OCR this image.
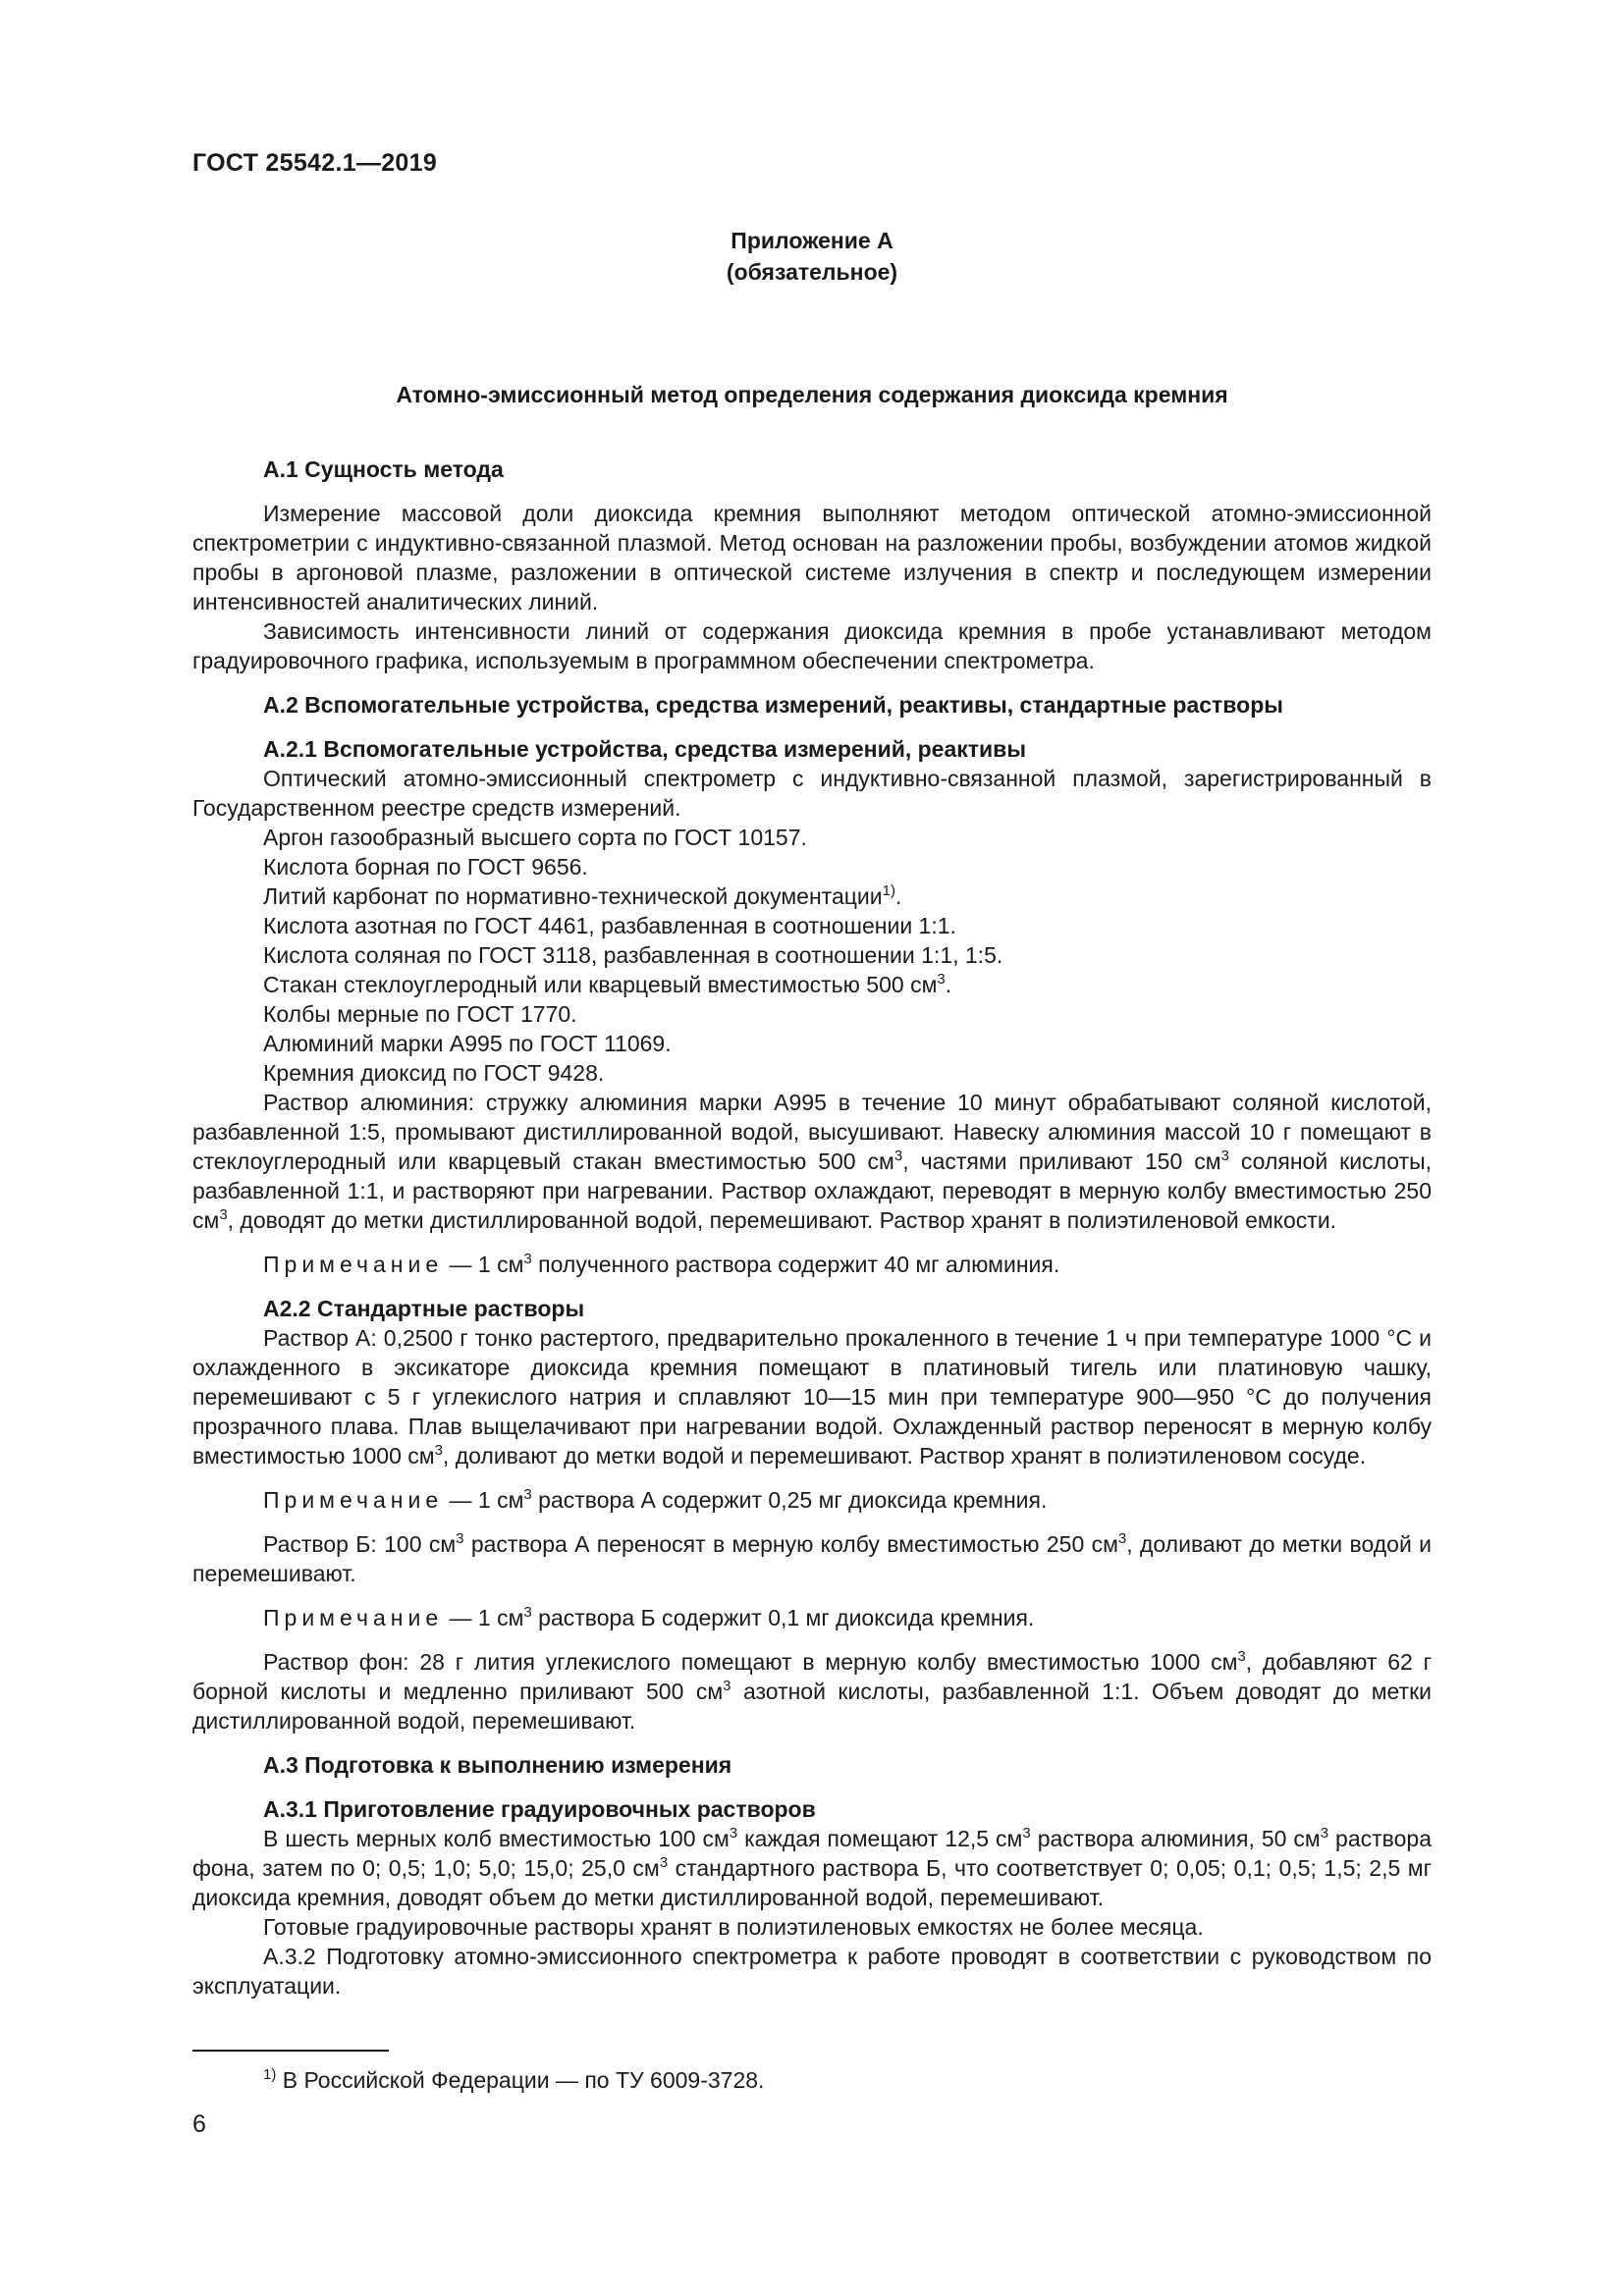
ГОСТ 25542.1—2019
Приложение А
(обязательное)
Атомно-эмиссионный метод определения содержания диоксида кремния

А.1 Сущность метода

Измерение массовой доли диоксида кремния выполняют методом оптической атомно-эмиссионной спектрометрии с индуктивно-связанной плазмой. Метод основан на разложении пробы, возбуждении атомов жидкой пробы в аргоновой плазме, разложении в оптической системе излучения в спектр и последующем измерении интенсивностей аналитических линий.

Зависимость интенсивности линий от содержания диоксида кремния в пробе устанавливают методом градуировочного графика, используемым в программном обеспечении спектрометра.

А.2 Вспомогательные устройства, средства измерений, реактивы, стандартные растворы

А.2.1 Вспомогательные устройства, средства измерений, реактивы

Оптический атомно-эмиссионный спектрометр с индуктивно-связанной плазмой, зарегистрированный в Государственном реестре средств измерений.

Аргон газообразный высшего сорта по ГОСТ 10157.

Кислота борная по ГОСТ 9656.

Литий карбонат по нормативно-технической документации$^{1)}$.

Кислота азотная по ГОСТ 4461, разбавленная в соотношении 1:1.

Кислота соляная по ГОСТ 3118, разбавленная в соотношении 1:1, 1:5.

Стакан стеклоуглеродный или кварцевый вместимостью 500 $см^3$.

Колбы мерные по ГОСТ 1770.

Алюминий марки А995 по ГОСТ 11069.

Кремния диоксид по ГОСТ 9428.

Раствор алюминия: стружку алюминия марки А995 в течение 10 минут обрабатывают соляной кислотой, разбавленной 1:5, промывают дистиллированной водой, высушивают. Навеску алюминия массой 10 г помещают в стеклоуглеродный или кварцевый стакан вместимостью 500 $см^3$, частями приливают 150 $см^3$ соляной кислоты, разбавленной 1:1, и растворяют при нагревании. Раствор охлаждают, переводят в мерную колбу вместимостью 250 $см^3$, доводят до метки дистиллированной водой, перемешивают. Раствор хранят в полиэтиленовой емкости.

Примечание — 1 $см^3$ полученного раствора содержит 40 мг алюминия.

А2.2 Стандартные растворы

Раствор А: 0,2500 г тонко растертого, предварительно прокаленного в течение 1 ч при температуре 1000 °С и охлажденного в эксикаторе диоксида кремния помещают в платиновый тигель или платиновую чашку, перемешивают с 5 г углекислого натрия и сплавляют 10—15 мин при температуре 900—950 °С до получения прозрачного плава. Плав выщелачивают при нагревании водой. Охлажденный раствор переносят в мерную колбу вместимостью 1000 $см^3$, доливают до метки водой и перемешивают. Раствор хранят в полиэтиленовом сосуде.

Примечание — 1 $см^3$ раствора А содержит 0,25 мг диоксида кремния.

Раствор Б: 100 $см^3$ раствора А переносят в мерную колбу вместимостью 250 $см^3$, доливают до метки водой и перемешивают.

Примечание — 1 $см^3$ раствора Б содержит 0,1 мг диоксида кремния.

Раствор фон: 28 г лития углекислого помещают в мерную колбу вместимостью 1000 $см^3$, добавляют 62 г борной кислоты и медленно приливают 500 $см^3$ азотной кислоты, разбавленной 1:1. Объем доводят до метки дистиллированной водой, перемешивают.

А.3 Подготовка к выполнению измерения

А.3.1 Приготовление градуировочных растворов

В шесть мерных колб вместимостью 100 $см^3$ каждая помещают 12,5 $см^3$ раствора алюминия, 50 $см^3$ раствора фона, затем по 0; 0,5; 1,0; 5,0; 15,0; 25,0 $см^3$ стандартного раствора Б, что соответствует 0; 0,05; 0,1; 0,5; 1,5; 2,5 мг диоксида кремния, доводят объем до метки дистиллированной водой, перемешивают.

Готовые градуировочные растворы хранят в полиэтиленовых емкостях не более месяца.

А.3.2 Подготовку атомно-эмиссионного спектрометра к работе проводят в соответствии с руководством по эксплуатации.

$^{1)}$ В Российской Федерации — по ТУ 6009-3728.
6
